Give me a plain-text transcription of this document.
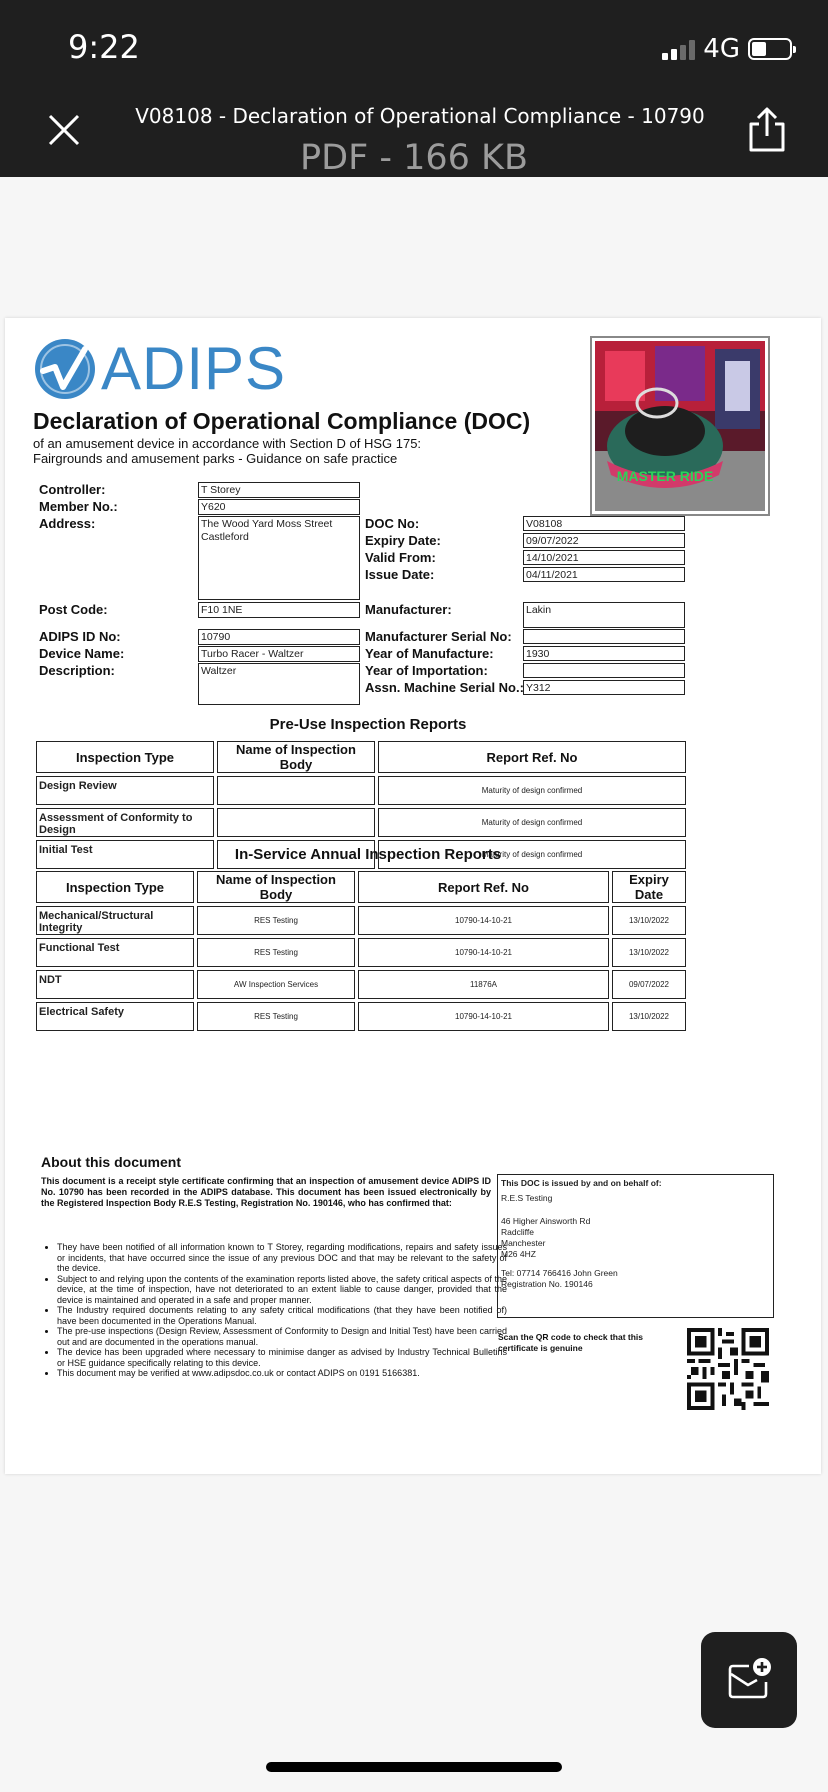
9:22	4G
V08108 - Declaration of Operational Compliance - 10790
PDF - 166 KB
ADIPS
Declaration of Operational Compliance (DOC)
of an amusement device in accordance with Section D of HSG 175:
Fairgrounds and amusement parks - Guidance on safe practice
MASTER RIDE
Controller:	T Storey
Member No.:	Y620
Address:	The Wood Yard Moss Street
Castleford
Post Code:	F10 1NE
ADIPS ID No:	10790
Device Name:	Turbo Racer - Waltzer
Description:	Waltzer
DOC No:	V08108
Expiry Date:	09/07/2022
Valid From:	14/10/2021
Issue Date:	04/11/2021
Manufacturer:	Lakin
Manufacturer Serial No:
Year of Manufacture:	1930
Year of Importation:
Assn. Machine Serial No.: Y312
Pre-Use Inspection Reports
Inspection Type	Name of Inspection Body	Report Ref. No
Design Review		Maturity of design confirmed
Assessment of Conformity to Design		Maturity of design confirmed
Initial Test		Maturity of design confirmed
In-Service Annual Inspection Reports
Inspection Type	Name of Inspection Body	Report Ref. No	Expiry Date
Mechanical/Structural Integrity	RES Testing	10790-14-10-21	13/10/2022
Functional Test	RES Testing	10790-14-10-21	13/10/2022
NDT	AW Inspection Services	11876A	09/07/2022
Electrical Safety	RES Testing	10790-14-10-21	13/10/2022
About this document
This document is a receipt style certificate confirming that an inspection of amusement device ADIPS ID No. 10790 has been recorded in the ADIPS database. This document has been issued electronically by the Registered Inspection Body R.E.S Testing, Registration No. 190146, who has confirmed that:
• They have been notified of all information known to T Storey, regarding modifications, repairs and safety issues or incidents, that have occurred since the issue of any previous DOC and that may be relevant to the safety of the device.
• Subject to and relying upon the contents of the examination reports listed above, the safety critical aspects of the device, at the time of inspection, have not deteriorated to an extent liable to cause danger, provided that the device is maintained and operated in a safe and proper manner.
• The Industry required documents relating to any safety critical modifications (that they have been notified of) have been documented in the Operations Manual.
• The pre-use inspections (Design Review, Assessment of Conformity to Design and Initial Test) have been carried out and are documented in the operations manual.
• The device has been upgraded where necessary to minimise danger as advised by Industry Technical Bulletins or HSE guidance specifically relating to this device.
• This document may be verified at www.adipsdoc.co.uk or contact ADIPS on 0191 5166381.
This DOC is issued by and on behalf of:
R.E.S Testing
46 Higher Ainsworth Rd
Radcliffe
Manchester
M26 4HZ
Tel: 07714 766416 John Green
Registration No. 190146
Scan the QR code to check that this certificate is genuine
